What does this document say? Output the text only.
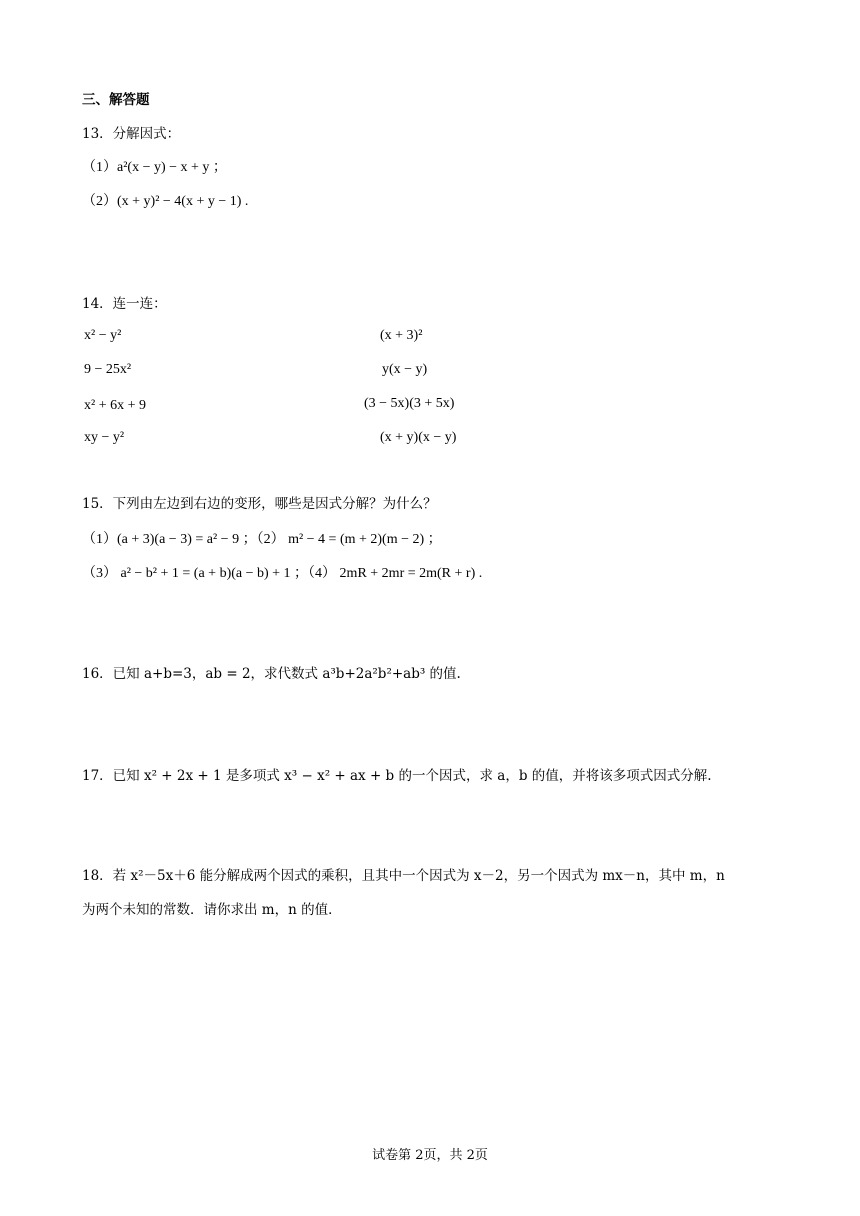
三、解答题
13．分解因式：
（1）a²(x − y) − x + y ；
（2）(x + y)² − 4(x + y − 1) .
14．连一连：
x² − y²
9 − 25x²
x² + 6x + 9
xy − y²
(x + 3)²
y(x − y)
(3 − 5x)(3 + 5x)
(x + y)(x − y)
15．下列由左边到右边的变形，哪些是因式分解？为什么？
（1）(a + 3)(a − 3) = a² − 9 ；（2） m² − 4 = (m + 2)(m − 2) ；
（3） a² − b² + 1 = (a + b)(a − b) + 1 ；（4） 2mR + 2mr = 2m(R + r) .
16．已知 a+b=3，ab = 2，求代数式 a³b+2a²b²+ab³ 的值.
17．已知 x² + 2x + 1 是多项式 x³ − x² + ax + b 的一个因式，求 a，b 的值，并将该多项式因式分解.
18．若 x²－5x＋6 能分解成两个因式的乘积，且其中一个因式为 x－2，另一个因式为 mx－n，其中 m，n
为两个未知的常数．请你求出 m，n 的值．
试卷第 2页，共 2页
